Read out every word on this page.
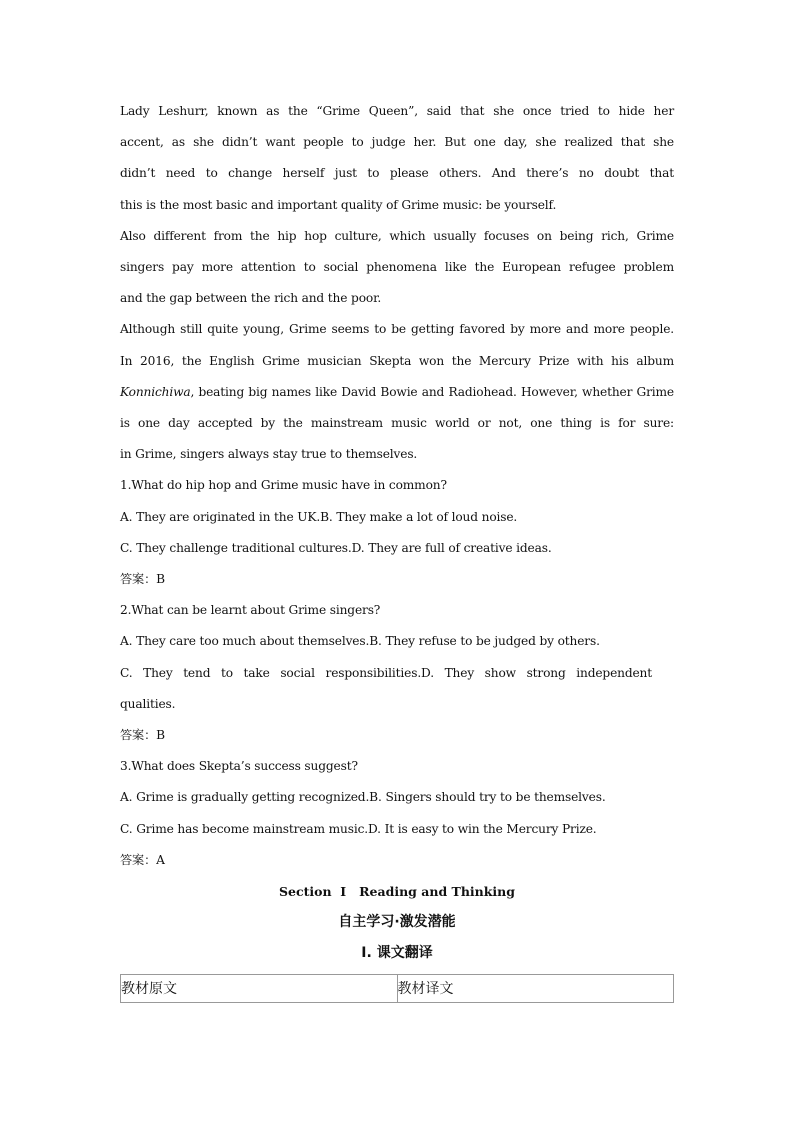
Lady Leshurr, known as the “Grime Queen”, said that she once tried to hide her
accent, as she didn’t want people to judge her. But one day, she realized that she
didn’t need to change herself just to please others. And there’s no doubt that
this is the most basic and important quality of Grime music: be yourself.

Also different from the hip hop culture, which usually focuses on being rich, Grime
singers pay more attention to social phenomena like the European refugee problem
and the gap between the rich and the poor.

Although still quite young, Grime seems to be getting favored by more and more people.
In 2016, the English Grime musician Skepta won the Mercury Prize with his album
Konnichiwa, beating big names like David Bowie and Radiohead. However, whether Grime
is one day accepted by the mainstream music world or not, one thing is for sure:
in Grime, singers always stay true to themselves.

1.What do hip hop and Grime music have in common?
A. They are originated in the UK.B. They make a lot of loud noise.
C. They challenge traditional cultures.D. They are full of creative ideas.
答案：B
2.What can be learnt about Grime singers?
A. They care too much about themselves.B. They refuse to be judged by others.
C. They tend to take social responsibilities.D. They show strong independent
qualities.
答案：B
3.What does Skepta’s success suggest?
A. Grime is gradually getting recognized.B. Singers should try to be themselves.
C. Grime has become mainstream music.D. It is easy to win the Mercury Prize.
答案：A
Section  Ⅰ   Reading and Thinking
自主学习·激发潜能
Ⅰ. 课文翻译
教材原文	教材译文
